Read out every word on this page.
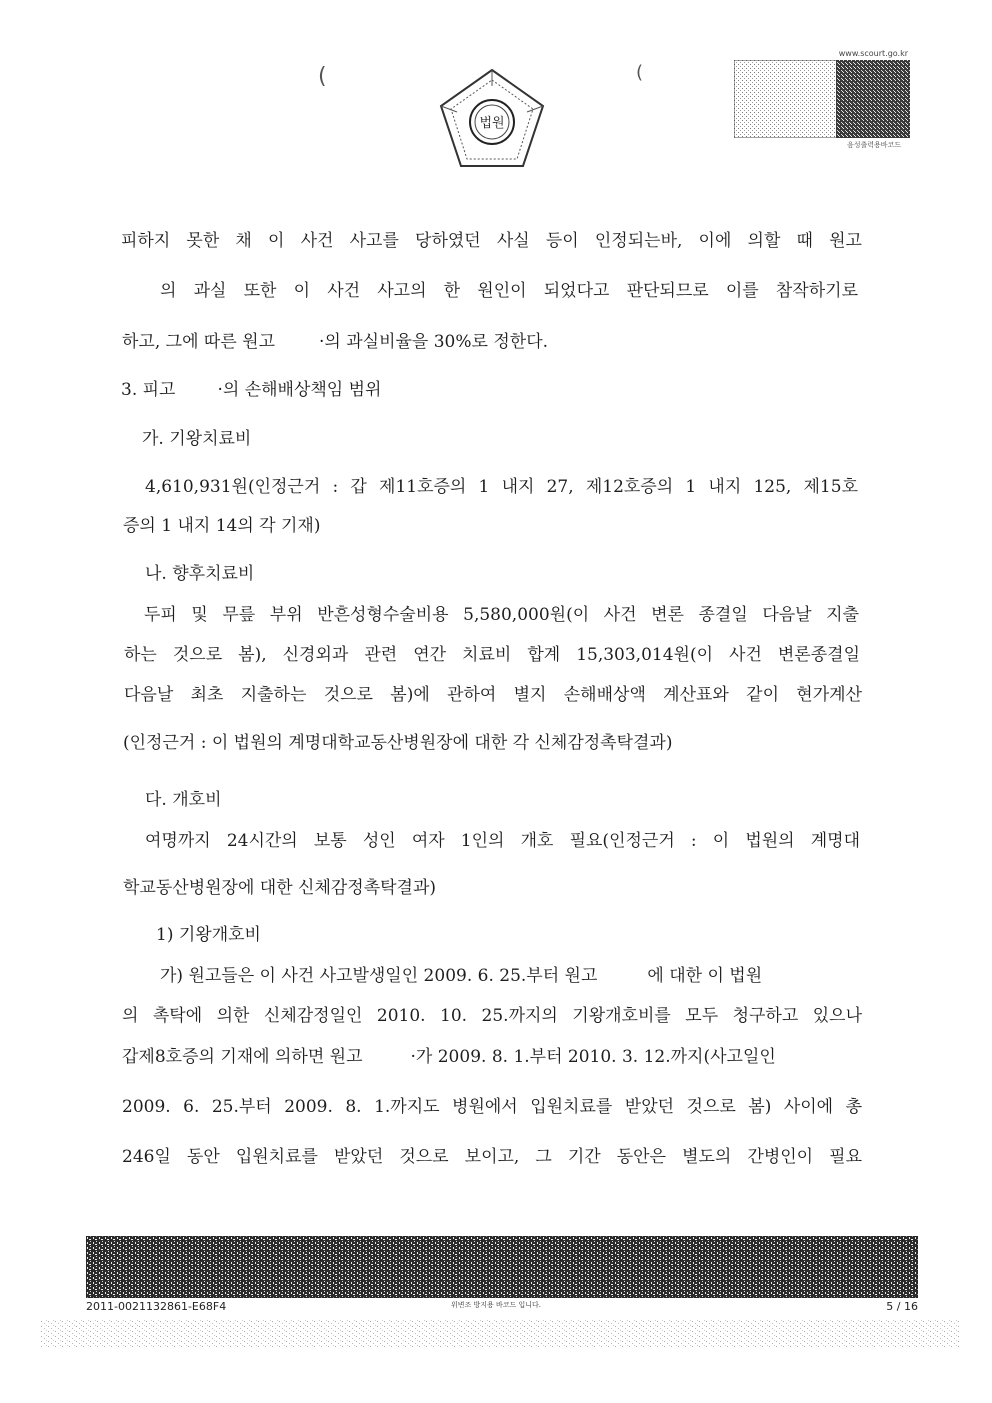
법원
(	(
www.scourt.go.kr
음성출력용바코드

피하지 못한 채 이 사건 사고를 당하였던 사실 등이 인정되는바, 이에 의할 때 원고

의 과실 또한 이 사건 사고의 한 원인이 되었다고 판단되므로 이를 참작하기로

하고, 그에 따른 원고	·의 과실비율을 30%로 정한다.

3. 피고 ·의 손해배상책임 범위

가. 기왕치료비

4,610,931원(인정근거 : 갑 제11호증의 1 내지 27, 제12호증의 1 내지 125, 제15호

증의 1 내지 14의 각 기재)

나. 향후치료비

두피 및 무릎 부위 반흔성형수술비용 5,580,000원(이 사건 변론 종결일 다음날 지출

하는 것으로 봄), 신경외과 관련 연간 치료비 합계 15,303,014원(이 사건 변론종결일

다음날 최초 지출하는 것으로 봄)에 관하여 별지 손해배상액 계산표와 같이 현가계산

(인정근거 : 이 법원의 계명대학교동산병원장에 대한 각 신체감정촉탁결과)

다. 개호비

여명까지 24시간의 보통 성인 여자 1인의 개호 필요(인정근거 : 이 법원의 계명대

학교동산병원장에 대한 신체감정촉탁결과)

1) 기왕개호비

가) 원고들은 이 사건 사고발생일인 2009. 6. 25.부터 원고	에 대한 이 법원

의 촉탁에 의한 신체감정일인 2010. 10. 25.까지의 기왕개호비를 모두 청구하고 있으나

갑제8호증의 기재에 의하면 원고	·가 2009. 8. 1.부터 2010. 3. 12.까지(사고일인

2009. 6. 25.부터 2009. 8. 1.까지도 병원에서 입원치료를 받았던 것으로 봄) 사이에 총

246일 동안 입원치료를 받았던 것으로 보이고, 그 기간 동안은 별도의 간병인이 필요

2011-0021132861-E68F4	위변조 방지용 바코드 입니다.	5 / 16
